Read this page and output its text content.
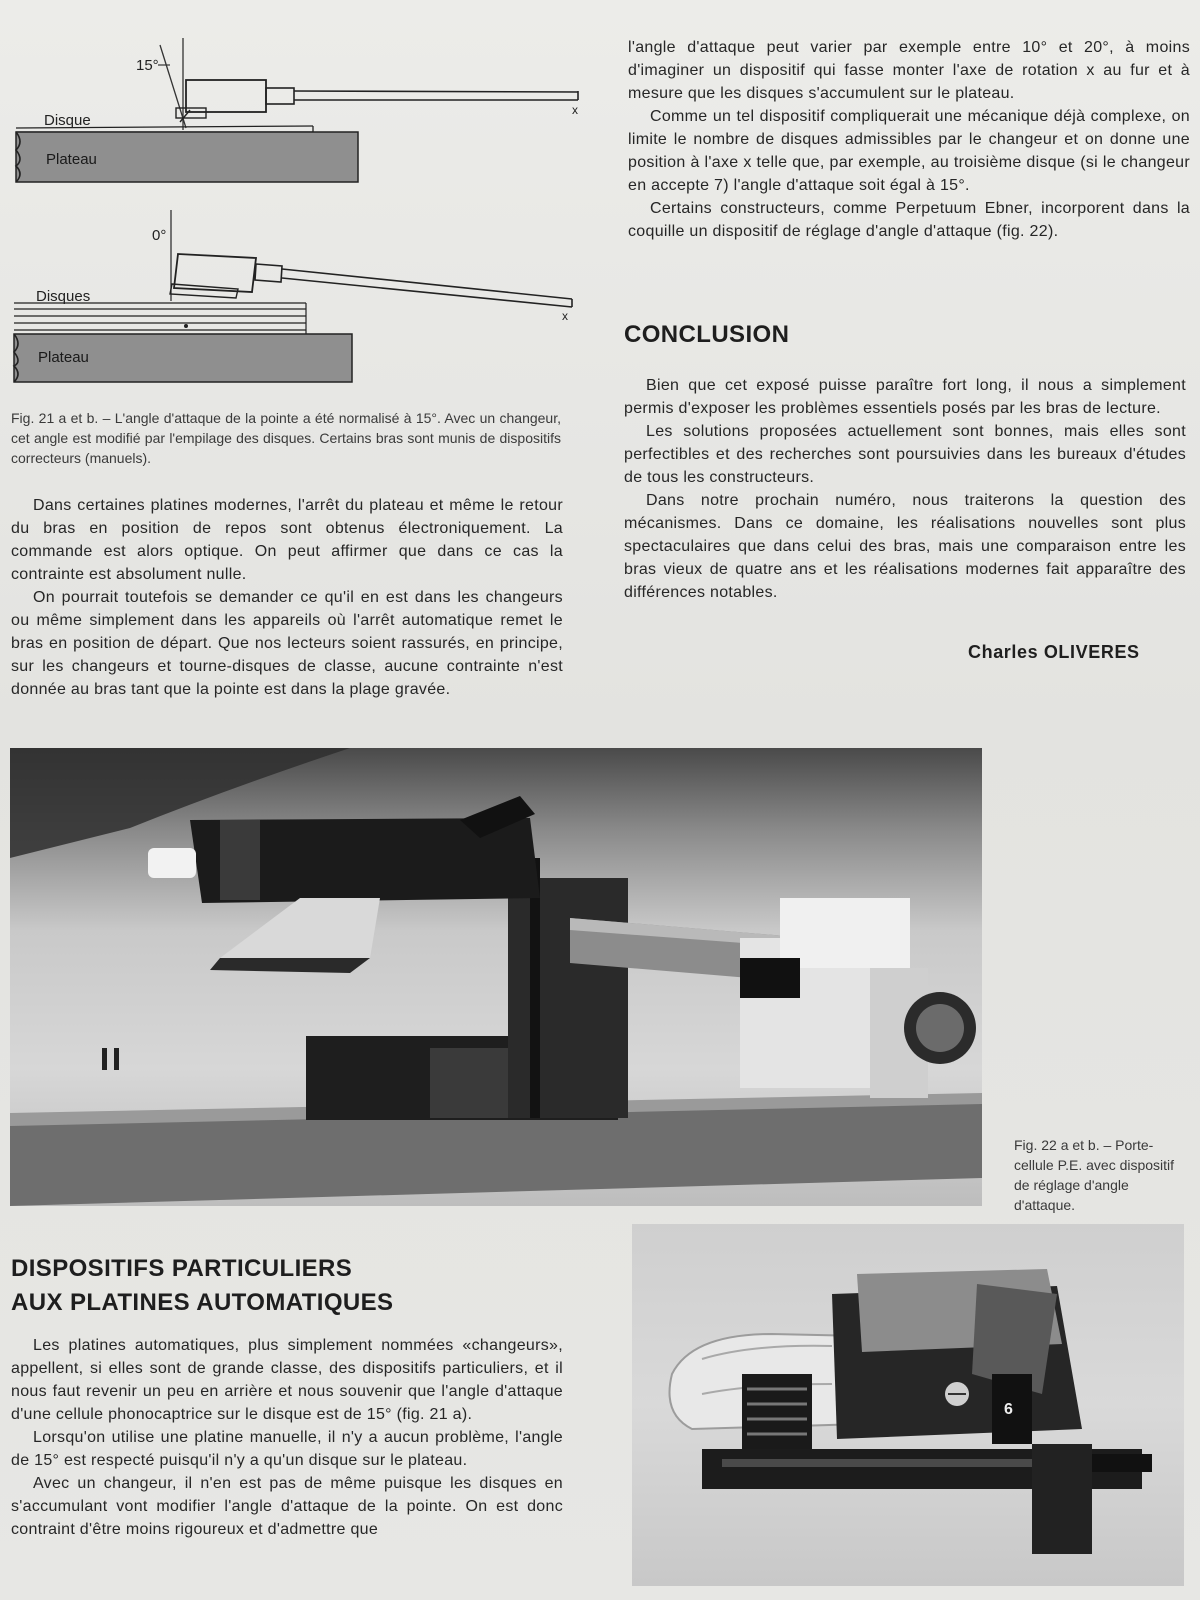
15°
x
Disque
Plateau
0°
x
Disques
Plateau
Fig. 21 a et b. – L'angle d'attaque de la pointe a été normalisé à 15°. Avec un changeur, cet angle est modifié par l'empilage des disques. Certains bras sont munis de dispositifs correcteurs (manuels).

Dans certaines platines modernes, l'arrêt du plateau et même le retour du bras en position de repos sont obtenus électroniquement. La commande est alors optique. On peut affirmer que dans ce cas la contrainte est absolument nulle.

On pourrait toutefois se demander ce qu'il en est dans les changeurs ou même simplement dans les appareils où l'arrêt automatique remet le bras en position de départ. Que nos lecteurs soient rassurés, en principe, sur les changeurs et tourne-disques de classe, aucune contrainte n'est donnée au bras tant que la pointe est dans la plage gravée.

l'angle d'attaque peut varier par exemple entre 10° et 20°, à moins d'imaginer un dispositif qui fasse monter l'axe de rotation x au fur et à mesure que les disques s'accumulent sur le plateau.

Comme un tel dispositif compliquerait une mécanique déjà complexe, on limite le nombre de disques admissibles par le changeur et on donne une position à l'axe x telle que, par exemple, au troisième disque (si le changeur en accepte 7) l'angle d'attaque soit égal à 15°.

Certains constructeurs, comme Perpetuum Ebner, incorporent dans la coquille un dispositif de réglage d'angle d'attaque (fig. 22).

CONCLUSION

Bien que cet exposé puisse paraître fort long, il nous a simplement permis d'exposer les problèmes essentiels posés par les bras de lecture.

Les solutions proposées actuellement sont bonnes, mais elles sont perfectibles et des recherches sont poursuivies dans les bureaux d'études de tous les constructeurs.

Dans notre prochain numéro, nous traiterons la question des mécanismes. Dans ce domaine, les réalisations nouvelles sont plus spectaculaires que dans celui des bras, mais une comparaison entre les bras vieux de quatre ans et les réalisations modernes fait apparaître des différences notables.

Charles OLIVERES
Fig. 22 a et b. – Porte-cellule P.E. avec dispositif de réglage d'angle d'attaque.
DISPOSITIFS PARTICULIERS
AUX PLATINES AUTOMATIQUES

Les platines automatiques, plus simplement nommées «changeurs», appellent, si elles sont de grande classe, des dispositifs particuliers, et il nous faut revenir un peu en arrière et nous souvenir que l'angle d'attaque d'une cellule phonocaptrice sur le disque est de 15° (fig. 21 a).

Lorsqu'on utilise une platine manuelle, il n'y a aucun problème, l'angle de 15° est respecté puisqu'il n'y a qu'un disque sur le plateau.

Avec un changeur, il n'en est pas de même puisque les disques en s'accumulant vont modifier l'angle d'attaque de la pointe. On est donc contraint d'être moins rigoureux et d'admettre que

6
